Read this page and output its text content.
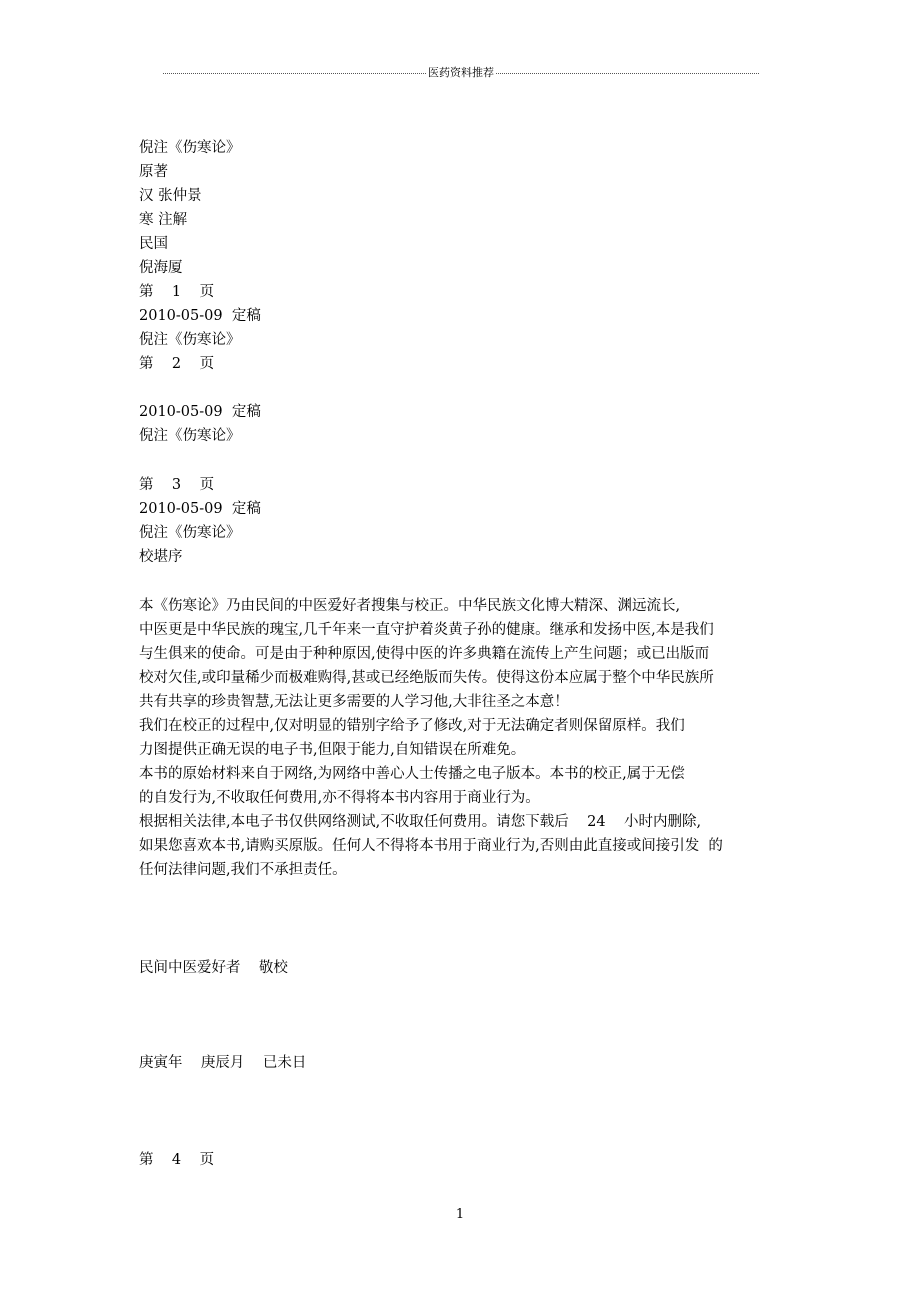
医药资料推荐
倪注《伤寒论》
原著
汉 张仲景
寒 注解
民国
倪海厦
第    1    页
2010-05-09  定稿
倪注《伤寒论》
第    2    页
2010-05-09  定稿
倪注《伤寒论》
第    3    页
2010-05-09  定稿
倪注《伤寒论》
校堪序
本《伤寒论》乃由民间的中医爱好者搜集与校正。中华民族文化博大精深、渊远流长,
中医更是中华民族的瑰宝,几千年来一直守护着炎黄子孙的健康。继承和发扬中医,本是我们
与生俱来的使命。可是由于种种原因,使得中医的许多典籍在流传上产生问题；或已出版而
校对欠佳,或印量稀少而极难购得,甚或已经绝版而失传。使得这份本应属于整个中华民族所
共有共享的珍贵智慧,无法让更多需要的人学习他,大非往圣之本意！
我们在校正的过程中,仅对明显的错别字给予了修改,对于无法确定者则保留原样。我们
力图提供正确无误的电子书,但限于能力,自知错误在所难免。
本书的原始材料来自于网络,为网络中善心人士传播之电子版本。本书的校正,属于无偿
的自发行为,不收取任何费用,亦不得将本书内容用于商业行为。
根据相关法律,本电子书仅供网络测试,不收取任何费用。请您下载后    24    小时内删除,
如果您喜欢本书,请购买原版。任何人不得将本书用于商业行为,否则由此直接或间接引发  的
任何法律问题,我们不承担责任。
民间中医爱好者    敬校
庚寅年    庚辰月    已未日
第    4    页
1
